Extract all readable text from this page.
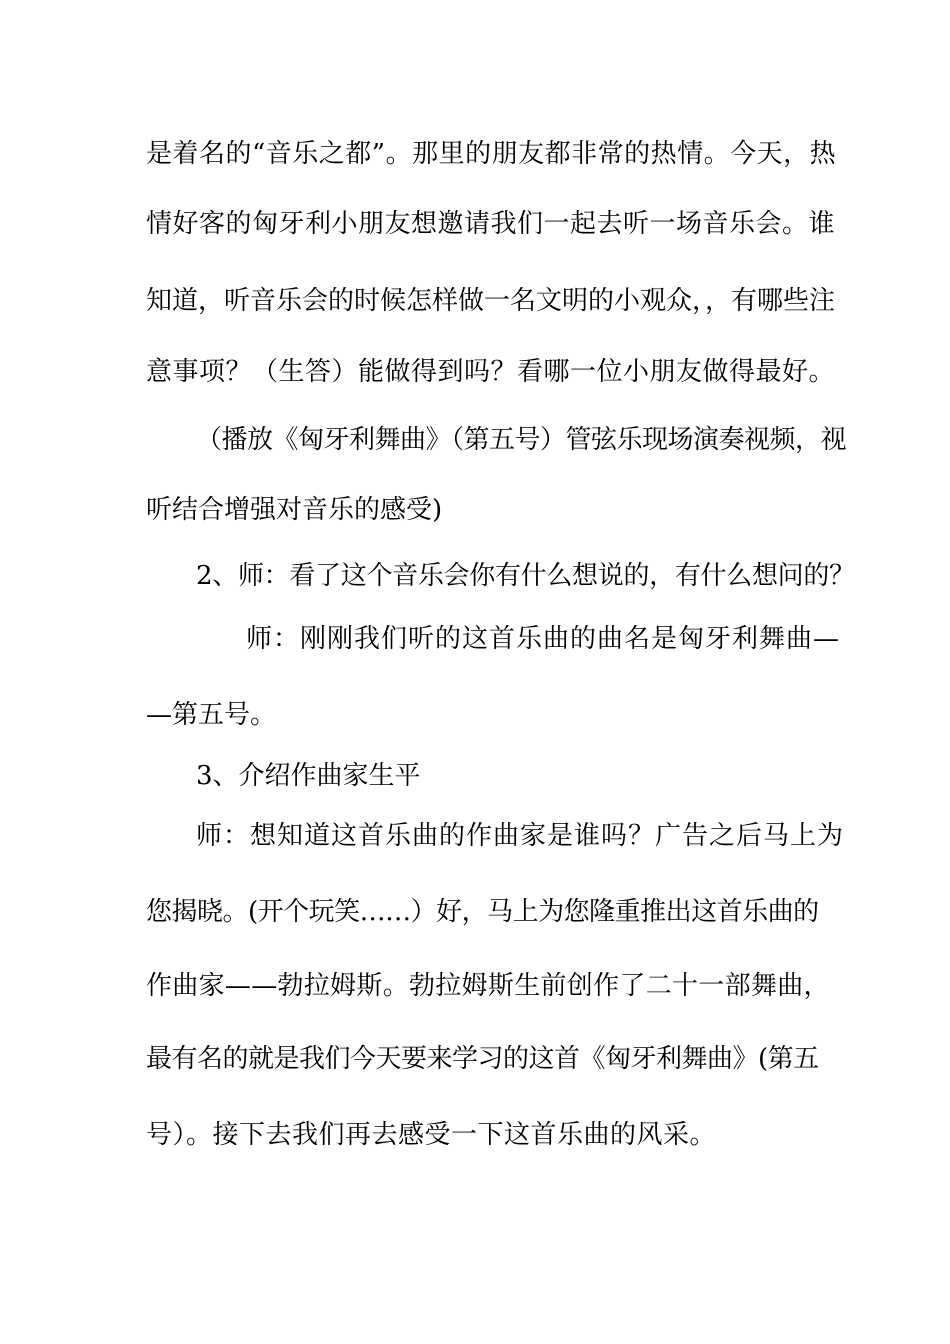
是着名的“音乐之都”。那里的朋友都非常的热情。今天，热
情好客的匈牙利小朋友想邀请我们一起去听一场音乐会。谁
知道，听音乐会的时候怎样做一名文明的小观众，，有哪些注
意事项？（生答）能做得到吗？看哪一位小朋友做得最好。
（播放《匈牙利舞曲》（第五号）管弦乐现场演奏视频，视
听结合增强对音乐的感受)
2、师：看了这个音乐会你有什么想说的，有什么想问的？
师：刚刚我们听的这首乐曲的曲名是匈牙利舞曲—
—第五号。
3、介绍作曲家生平
师：想知道这首乐曲的作曲家是谁吗？广告之后马上为
您揭晓。(开个玩笑……）好，马上为您隆重推出这首乐曲的
作曲家——勃拉姆斯。勃拉姆斯生前创作了二十一部舞曲，
最有名的就是我们今天要来学习的这首《匈牙利舞曲》(第五
号）。接下去我们再去感受一下这首乐曲的风采。
